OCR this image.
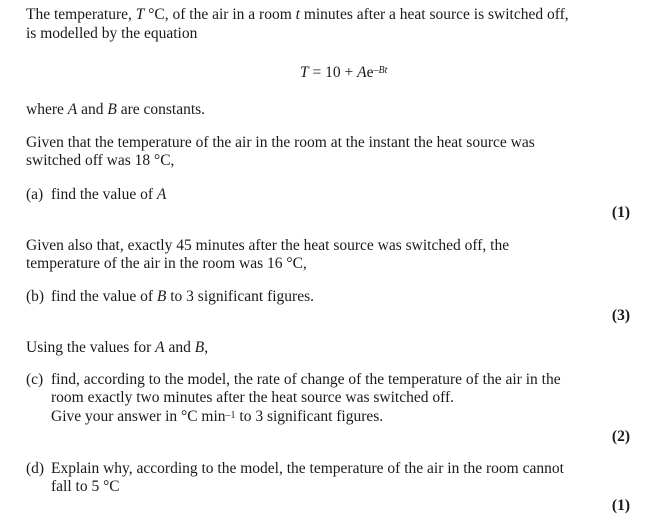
The temperature, T °C, of the air in a room t minutes after a heat source is switched off,
is modelled by the equation
$T = 10 + Ae^{-Bt}$
where A and B are constants.
Given that the temperature of the air in the room at the instant the heat source was
switched off was 18 °C,
(a) find the value of A
(1)
Given also that, exactly 45 minutes after the heat source was switched off, the
temperature of the air in the room was 16 °C,
(b) find the value of B to 3 significant figures.
(3)
Using the values for A and B,
(c) find, according to the model, the rate of change of the temperature of the air in the
room exactly two minutes after the heat source was switched off.
Give your answer in °C $\min^{-1}$ to 3 significant figures.
(2)
(d) Explain why, according to the model, the temperature of the air in the room cannot
fall to 5 °C
(1)
